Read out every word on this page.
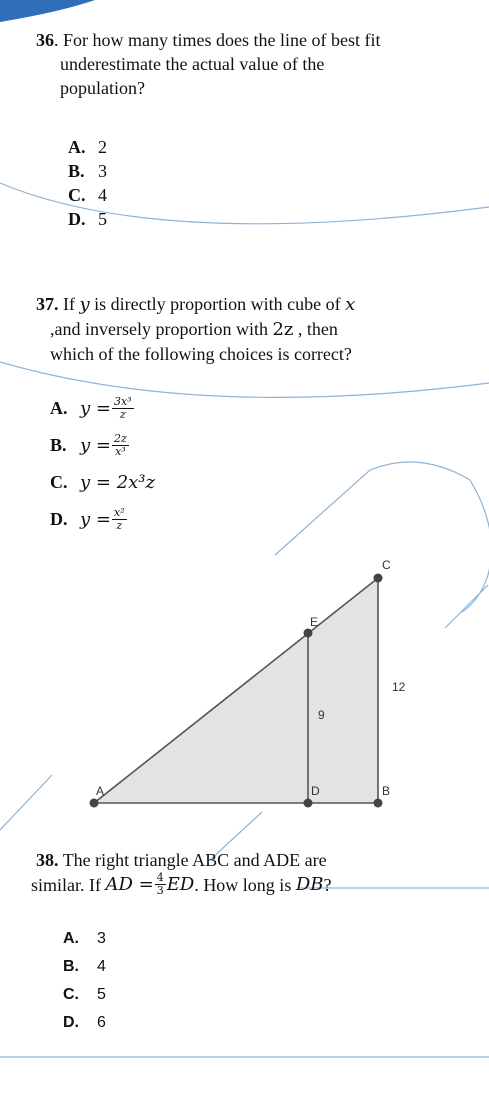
36. For how many times does the line of best fit
underestimate the actual value of the
population?
A. 2
B. 3
C. 4
D. 5
37. If y is directly proportion with cube of x
,and inversely proportion with 2z , then
which of the following choices is correct?
A. $y = \frac{\text{3x³}}{z}$
B. $y = \frac{2z}{\text{x³}}$
C. y = 2x³z
D. $y = \frac{\text{x²}}{z}$
A	D	B
C
E
9
12
38. The right triangle ABC and ADE are
similar. If
AD = $\frac{4}{3}$ ED . How long is
DB ?
A.	3
B.	4
C.	5
D.	6
